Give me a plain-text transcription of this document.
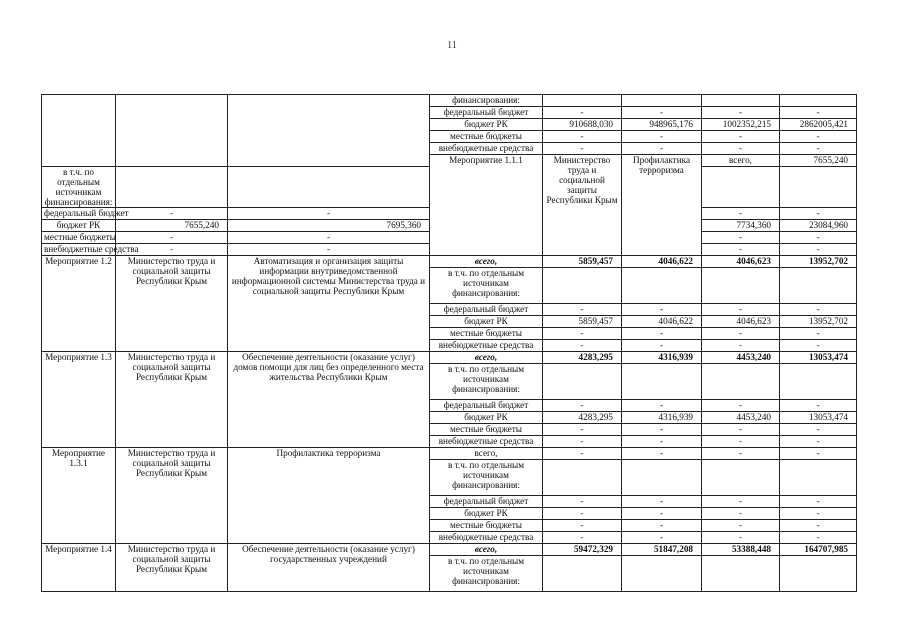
11
			финансирования:					
			федеральный бюджет	-	-	-	-	
			бюджет РК	910688,030	948965,176	1002352,215	2862005,421	
			местные бюджеты	-	-	-	-	
			внебюджетные средства	-	-	-	-	
			Мероприятие 1.1.1	Министерство труда и социальной защиты Республики Крым	Профилактика терроризма	всего,	7655,240			
в т.ч. по отдельным источникам финансирования:								
федеральный бюджет	-	-				-	-	
бюджет РК	7655,240	7695,360				7734,360	23084,960	
местные бюджеты	-	-				-	-	
внебюджетные средства	-	-				-	-	
Мероприятие 1.2	Министерство труда и социальной защиты Республики Крым	Автоматизация и организация защиты информации внутриведомственной информационной системы Министерства труда и социальной защиты Республики Крым	всего,	5859,457	4046,622	4046,623	13952,702	
			в т.ч. по отдельным источникам финансирования:					
			федеральный бюджет	-	-	-	-	
			бюджет РК	5859,457	4046,622	4046,623	13952,702	
			местные бюджеты	-	-	-	-	
			внебюджетные средства	-	-	-	-	
Мероприятие 1.3	Министерство труда и социальной защиты Республики Крым	Обеспечение деятельности (оказание услуг) домов помощи для лиц без определенного места жительства Республики Крым	всего,	4283,295	4316,939	4453,240	13053,474	
			в т.ч. по отдельным источникам финансирования:					
			федеральный бюджет	-	-	-	-	
			бюджет РК	4283,295	4316,939	4453,240	13053,474	
			местные бюджеты	-	-	-	-	
			внебюджетные средства	-	-	-	-	
Мероприятие 1.3.1	Министерство труда и социальной защиты Республики Крым	Профилактика терроризма	всего,	-	-	-	-	
			в т.ч. по отдельным источникам финансирования:					
			федеральный бюджет	-	-	-	-	
			бюджет РК	-	-	-	-	
			местные бюджеты	-	-	-	-	
			внебюджетные средства	-	-	-	-	
Мероприятие 1.4	Министерство труда и социальной защиты Республики Крым	Обеспечение деятельности (оказание услуг) государственных учреждений	всего,	59472,329	51847,208	53388,448	164707,985	
			в т.ч. по отдельным источникам финансирования:					
